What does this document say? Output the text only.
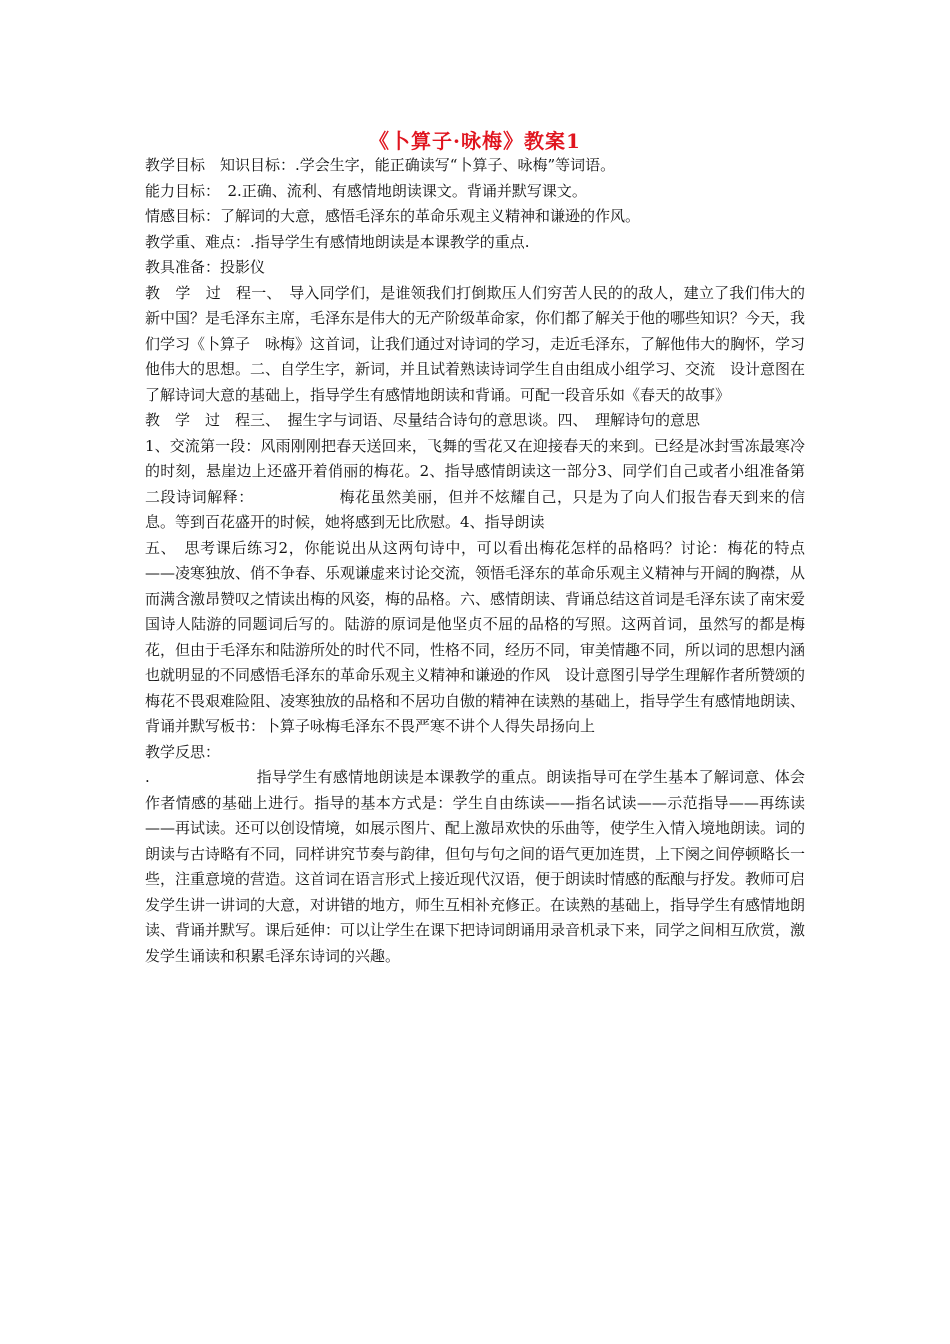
《卜算子·咏梅》教案1

教学目标　知识目标：.学会生字，能正确读写“卜算子、咏梅”等词语。

能力目标：　2.正确、流利、有感情地朗读课文。背诵并默写课文。

情感目标：了解词的大意，感悟毛泽东的革命乐观主义精神和谦逊的作风。

教学重、难点：.指导学生有感情地朗读是本课教学的重点.

教具准备：投影仪

教　学　过　程一、　导入同学们，是谁领我们打倒欺压人们穷苦人民的的敌人，建立了我们伟大的新中国？是毛泽东主席，毛泽东是伟大的无产阶级革命家，你们都了解关于他的哪些知识？今天，我们学习《卜算子　咏梅》这首词，让我们通过对诗词的学习，走近毛泽东，了解他伟大的胸怀，学习他伟大的思想。二、自学生字，新词，并且试着熟读诗词学生自由组成小组学习、交流　设计意图在了解诗词大意的基础上，指导学生有感情地朗读和背诵。可配一段音乐如《春天的故事》

教　学　过　程三、　握生字与词语、尽量结合诗句的意思谈。四、　理解诗句的意思

1、交流第一段：风雨刚刚把春天送回来，飞舞的雪花又在迎接春天的来到。已经是冰封雪冻最寒冷的时刻，悬崖边上还盛开着俏丽的梅花。2、指导感情朗读这一部分3、同学们自己或者小组准备第二段诗词解释：　　　　　　梅花虽然美丽，但并不炫耀自己，只是为了向人们报告春天到来的信息。等到百花盛开的时候，她将感到无比欣慰。4、指导朗读

五、　思考课后练习2，你能说出从这两句诗中，可以看出梅花怎样的品格吗？讨论：梅花的特点——凌寒独放、俏不争春、乐观谦虚来讨论交流，领悟毛泽东的革命乐观主义精神与开阔的胸襟，从而满含激昂赞叹之情读出梅的风姿，梅的品格。六、感情朗读、背诵总结这首词是毛泽东读了南宋爱国诗人陆游的同题词后写的。陆游的原词是他坚贞不屈的品格的写照。这两首词，虽然写的都是梅花，但由于毛泽东和陆游所处的时代不同，性格不同，经历不同，审美情趣不同，所以词的思想内涵也就明显的不同感悟毛泽东的革命乐观主义精神和谦逊的作风　设计意图引导学生理解作者所赞颂的梅花不畏艰难险阻、凌寒独放的品格和不居功自傲的精神在读熟的基础上，指导学生有感情地朗读、背诵并默写板书：卜算子咏梅毛泽东不畏严寒不讲个人得失昂扬向上

教学反思：

.　　　　　　　指导学生有感情地朗读是本课教学的重点。朗读指导可在学生基本了解词意、体会作者情感的基础上进行。指导的基本方式是：学生自由练读——指名试读——示范指导——再练读——再试读。还可以创设情境，如展示图片、配上激昂欢快的乐曲等，使学生入情入境地朗读。词的朗读与古诗略有不同，同样讲究节奏与韵律，但句与句之间的语气更加连贯，上下阕之间停顿略长一些，注重意境的营造。这首词在语言形式上接近现代汉语，便于朗读时情感的酝酿与抒发。教师可启发学生讲一讲词的大意，对讲错的地方，师生互相补充修正。在读熟的基础上，指导学生有感情地朗读、背诵并默写。课后延伸：可以让学生在课下把诗词朗诵用录音机录下来，同学之间相互欣赏，激发学生诵读和积累毛泽东诗词的兴趣。
